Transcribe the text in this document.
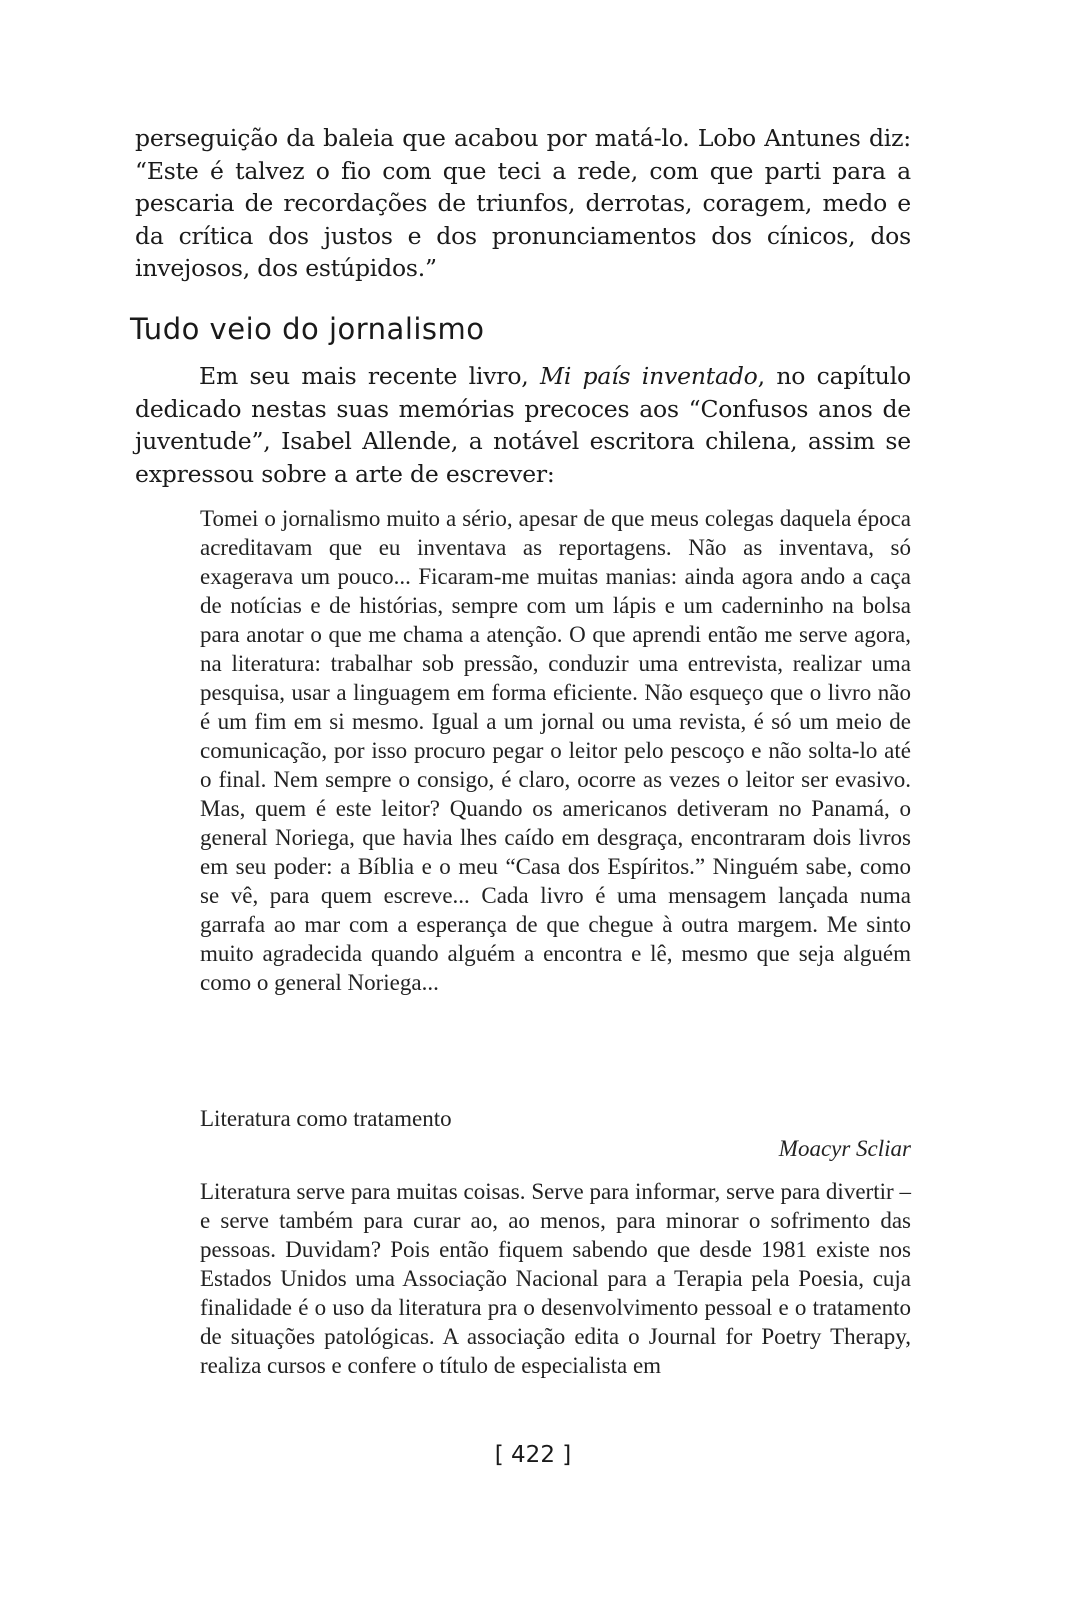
perseguição da baleia que acabou por matá-lo. Lobo Antunes diz: “Este é talvez o fio com que teci a rede, com que parti para a pescaria de recordações de triunfos, derrotas, coragem, medo e da crítica dos justos e dos pronunciamentos dos cínicos, dos invejosos, dos estúpidos.”

Tudo veio do jornalismo

Em seu mais recente livro, Mi país inventado, no capítulo dedicado nestas suas memórias precoces aos “Confusos anos de juventude”, Isabel Allende, a notável escritora chilena, assim se expressou sobre a arte de escrever:

Tomei o jornalismo muito a sério, apesar de que meus colegas daquela época acreditavam que eu inventava as reportagens. Não as inventava, só exagerava um pouco... Ficaram-me muitas manias: ainda agora ando a caça de notícias e de histórias, sempre com um lápis e um caderninho na bolsa para anotar o que me chama a atenção. O que aprendi então me serve agora, na literatura: trabalhar sob pressão, conduzir uma entrevista, realizar uma pesquisa, usar a linguagem em forma eficiente. Não esqueço que o livro não é um fim em si mesmo. Igual a um jornal ou uma revista, é só um meio de comunicação, por isso procuro pegar o leitor pelo pescoço e não solta-lo até o final. Nem sempre o consigo, é claro, ocorre as vezes o leitor ser evasivo. Mas, quem é este leitor? Quando os americanos detiveram no Panamá, o general Noriega, que havia lhes caído em desgraça, encontraram dois livros em seu poder: a Bíblia e o meu “Casa dos Espíritos.” Ninguém sabe, como se vê, para quem escreve... Cada livro é uma mensagem lançada numa garrafa ao mar com a esperança de que chegue à outra margem. Me sinto muito agradecida quando alguém a encontra e lê, mesmo que seja alguém como o general Noriega...

Literatura como tratamento

Moacyr Scliar

Literatura serve para muitas coisas. Serve para informar, serve para divertir – e serve também para curar ao, ao menos, para minorar o sofrimento das pessoas. Duvidam? Pois então fiquem sabendo que desde 1981 existe nos Estados Unidos uma Associação Nacional para a Terapia pela Poesia, cuja finalidade é o uso da literatura pra o desenvolvimento pessoal e o tratamento de situações patológicas. A associação edita o Journal for Poetry Therapy, realiza cursos e confere o título de especialista em

[ 422 ]
